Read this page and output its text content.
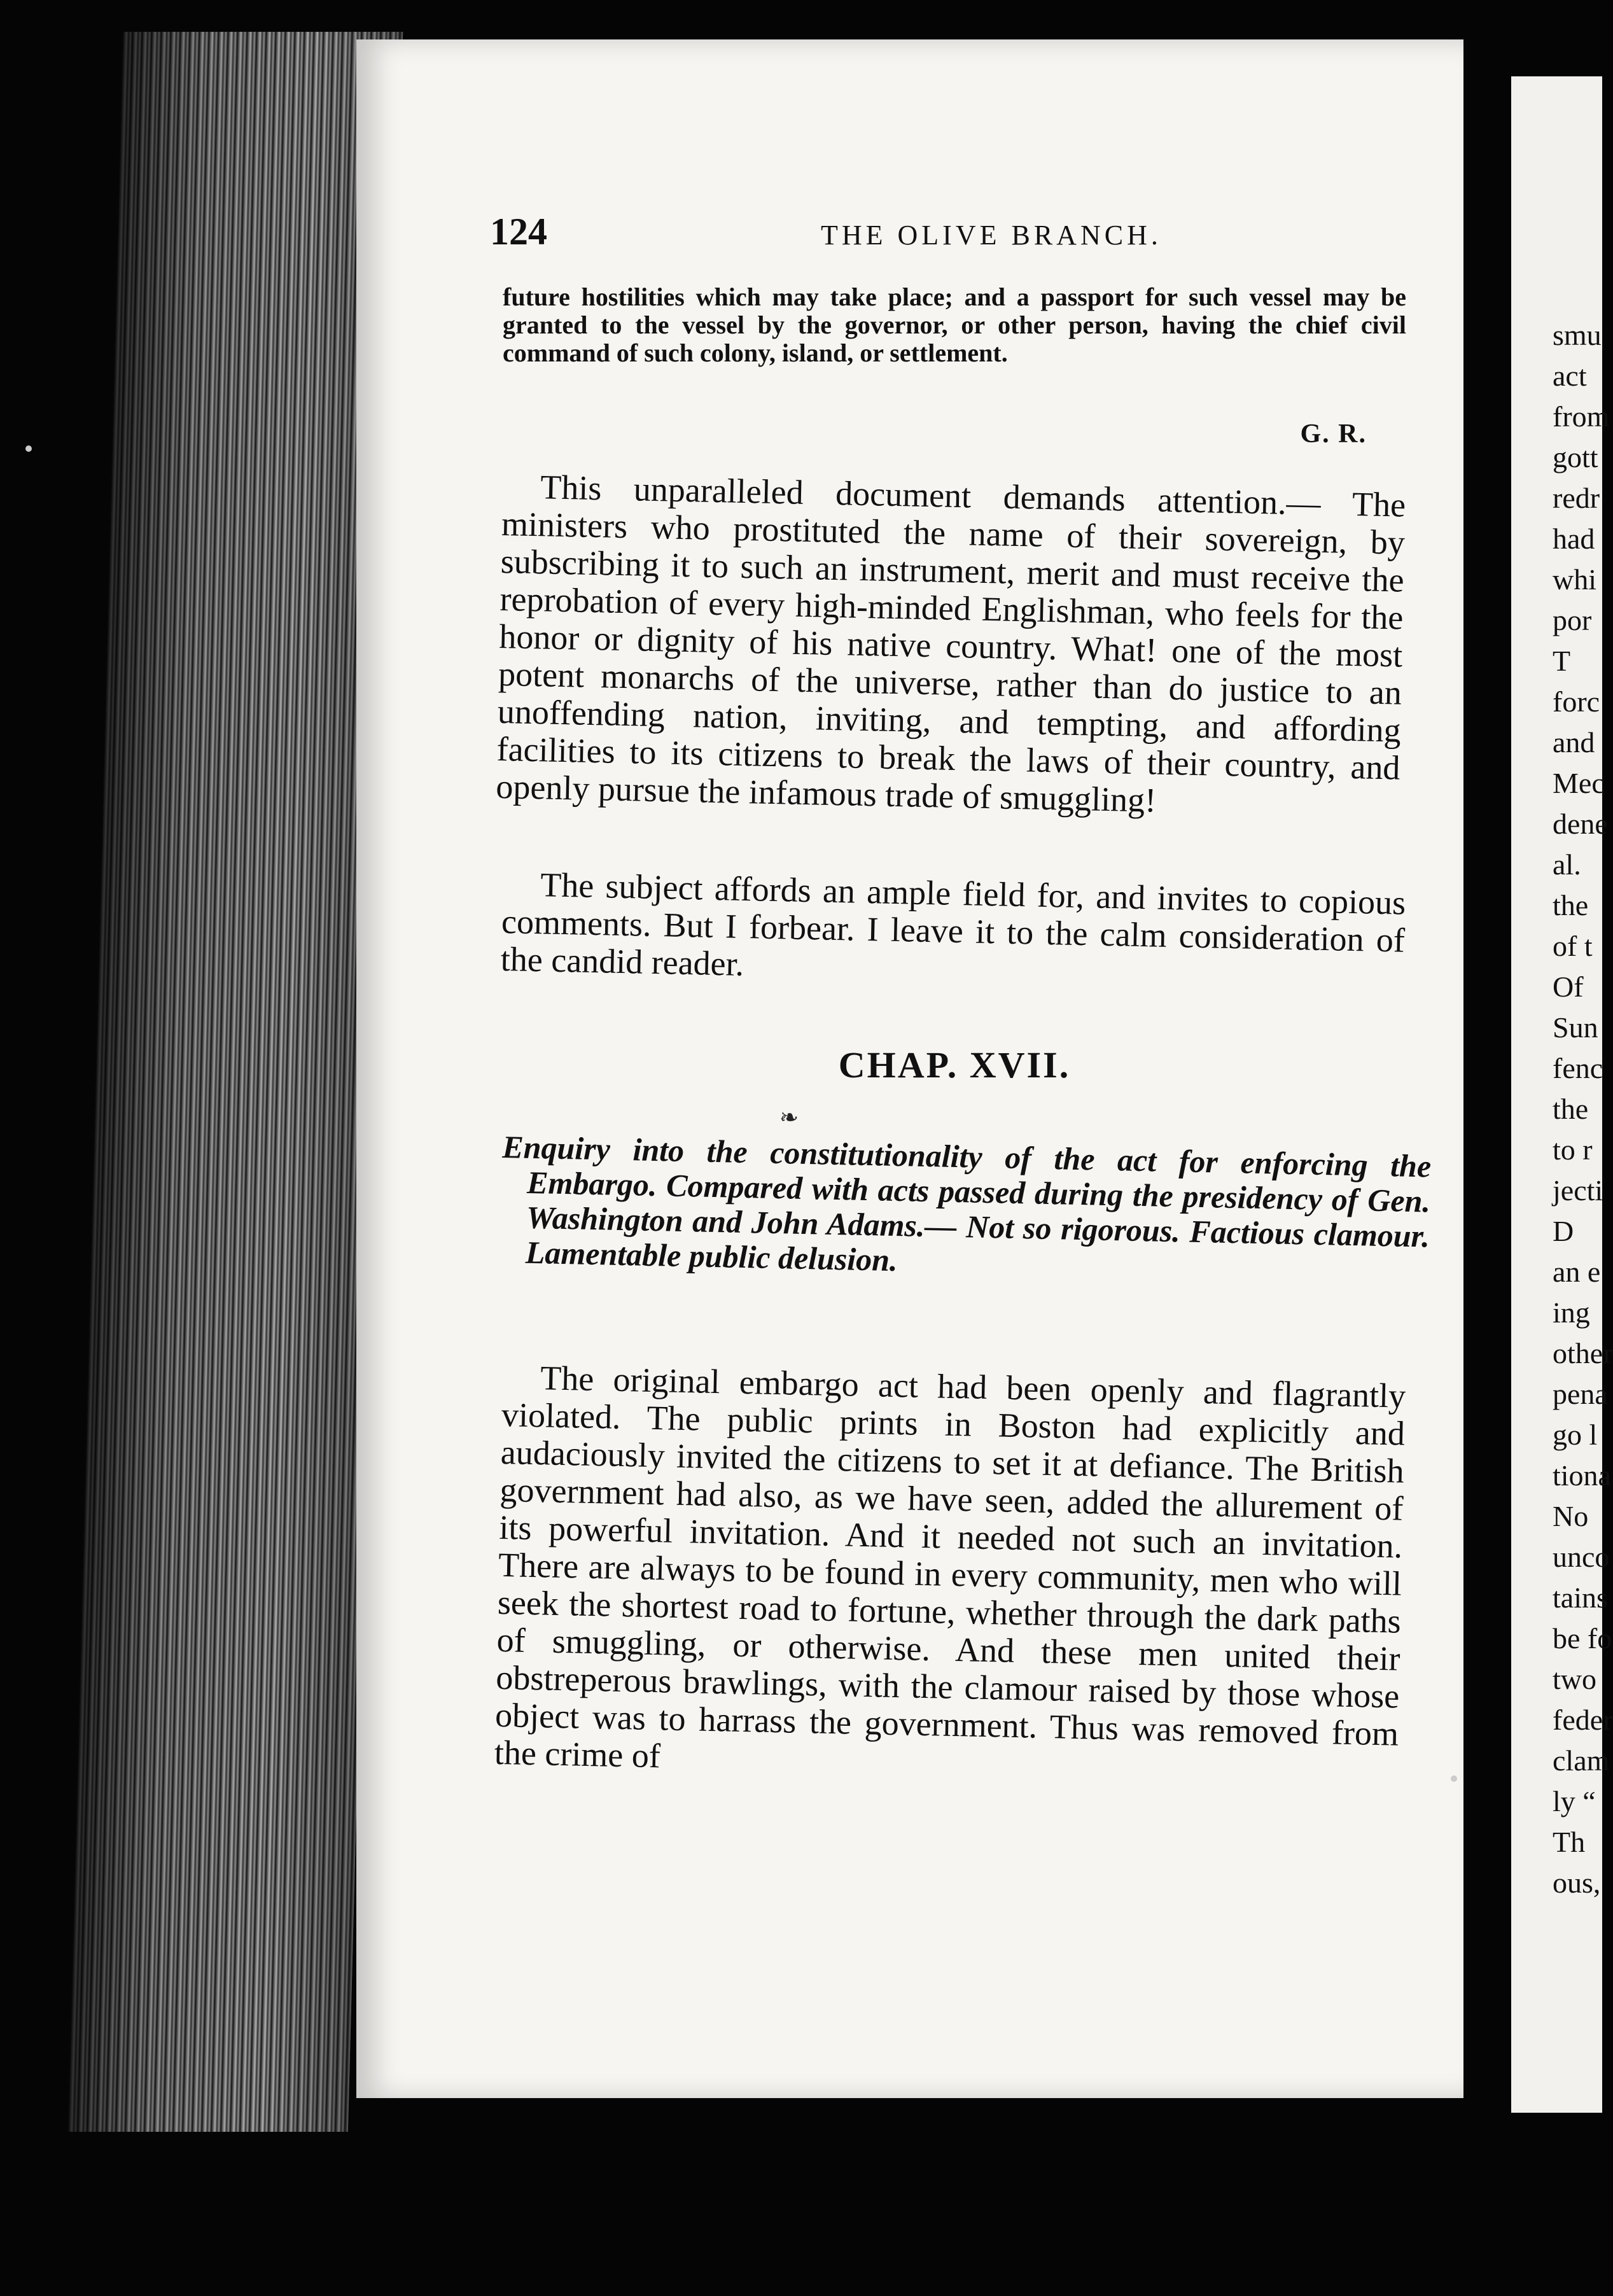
smu
act
from
gott
redr
had
whi
por
T
forc
and
Mec
dene
al.
the
of t
Of
Sun
fenc
the
to r
jecti
D
an e
ing
other
pena
go l
tiona
No
unco
tains
be fo
two
feder
clam
ly “
Th
ous,
124	THE OLIVE BRANCH.
future hostilities which may take place; and a passport for such vessel may be granted to the vessel by the governor, or other person, having the chief civil command of such colony, island, or settlement.
G. R.
This unparalleled document demands attention.— The ministers who prostituted the name of their sovereign, by subscribing it to such an instrument, merit and must receive the reprobation of every high-minded Englishman, who feels for the honor or dignity of his native country. What! one of the most potent monarchs of the universe, rather than do justice to an unoffending nation, inviting, and tempting, and affording facilities to its citizens to break the laws of their country, and openly pursue the infamous trade of smuggling!
The subject affords an ample field for, and invites to copious comments. But I forbear. I leave it to the calm consideration of the candid reader.
CHAP. XVII.
❧
Enquiry into the constitutionality of the act for enforcing the Embargo. Compared with acts passed during the presidency of Gen. Washington and John Adams.— Not so rigorous. Factious clamour. Lamentable public delusion.
The original embargo act had been openly and flagrantly violated. The public prints in Boston had explicitly and audaciously invited the citizens to set it at defiance. The British government had also, as we have seen, added the allurement of its powerful invitation. And it needed not such an invitation. There are always to be found in every community, men who will seek the shortest road to fortune, whether through the dark paths of smuggling, or otherwise. And these men united their obstreperous brawlings, with the clamour raised by those whose object was to harrass the government. Thus was removed from the crime of
